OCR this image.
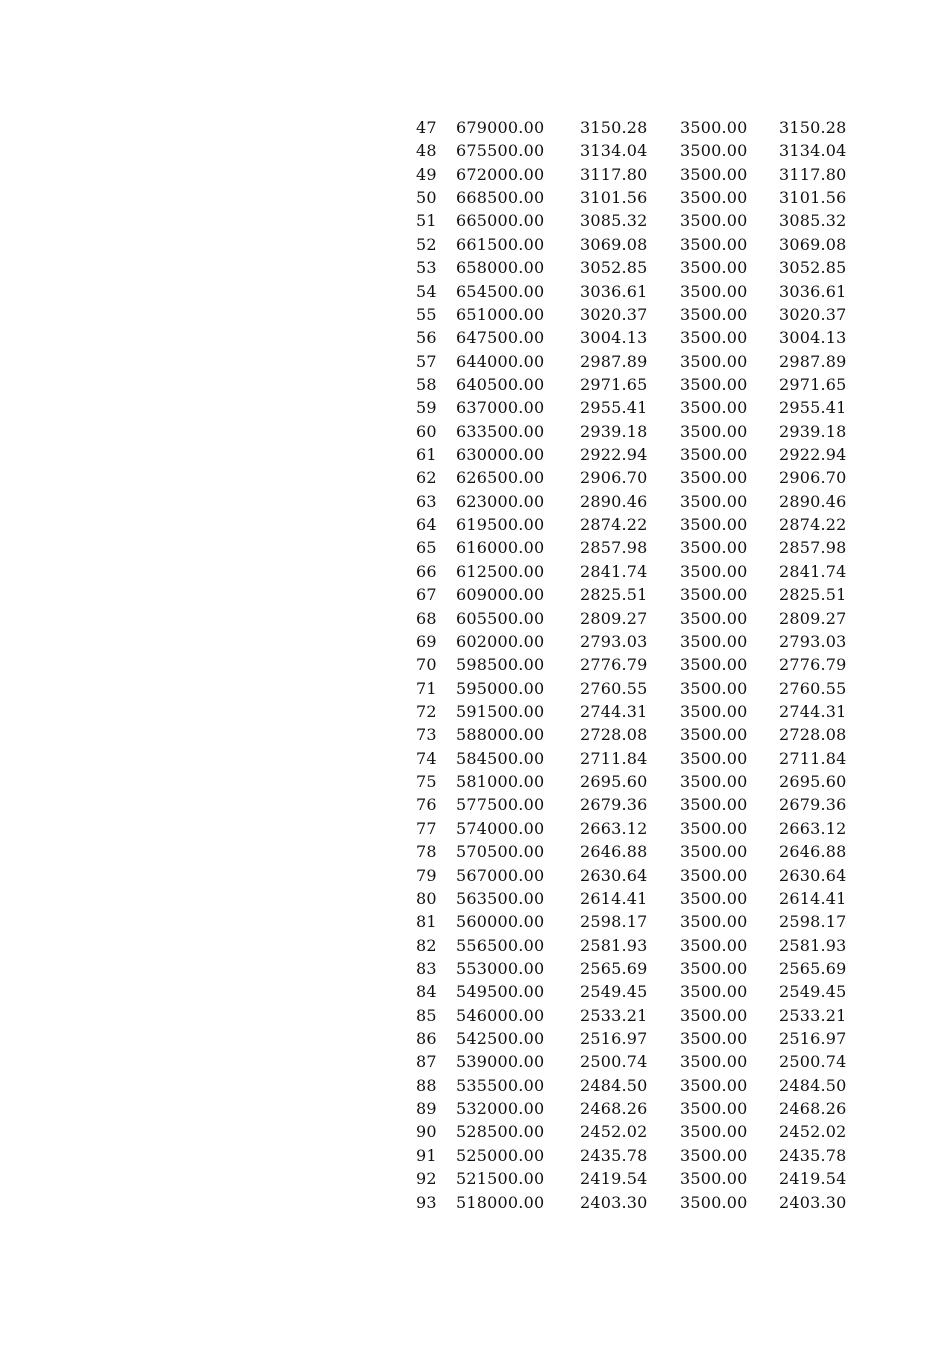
47 679000.00 3150.28 3500.00 3150.28
48 675500.00 3134.04 3500.00 3134.04
49 672000.00 3117.80 3500.00 3117.80
50 668500.00 3101.56 3500.00 3101.56
51 665000.00 3085.32 3500.00 3085.32
52 661500.00 3069.08 3500.00 3069.08
53 658000.00 3052.85 3500.00 3052.85
54 654500.00 3036.61 3500.00 3036.61
55 651000.00 3020.37 3500.00 3020.37
56 647500.00 3004.13 3500.00 3004.13
57 644000.00 2987.89 3500.00 2987.89
58 640500.00 2971.65 3500.00 2971.65
59 637000.00 2955.41 3500.00 2955.41
60 633500.00 2939.18 3500.00 2939.18
61 630000.00 2922.94 3500.00 2922.94
62 626500.00 2906.70 3500.00 2906.70
63 623000.00 2890.46 3500.00 2890.46
64 619500.00 2874.22 3500.00 2874.22
65 616000.00 2857.98 3500.00 2857.98
66 612500.00 2841.74 3500.00 2841.74
67 609000.00 2825.51 3500.00 2825.51
68 605500.00 2809.27 3500.00 2809.27
69 602000.00 2793.03 3500.00 2793.03
70 598500.00 2776.79 3500.00 2776.79
71 595000.00 2760.55 3500.00 2760.55
72 591500.00 2744.31 3500.00 2744.31
73 588000.00 2728.08 3500.00 2728.08
74 584500.00 2711.84 3500.00 2711.84
75 581000.00 2695.60 3500.00 2695.60
76 577500.00 2679.36 3500.00 2679.36
77 574000.00 2663.12 3500.00 2663.12
78 570500.00 2646.88 3500.00 2646.88
79 567000.00 2630.64 3500.00 2630.64
80 563500.00 2614.41 3500.00 2614.41
81 560000.00 2598.17 3500.00 2598.17
82 556500.00 2581.93 3500.00 2581.93
83 553000.00 2565.69 3500.00 2565.69
84 549500.00 2549.45 3500.00 2549.45
85 546000.00 2533.21 3500.00 2533.21
86 542500.00 2516.97 3500.00 2516.97
87 539000.00 2500.74 3500.00 2500.74
88 535500.00 2484.50 3500.00 2484.50
89 532000.00 2468.26 3500.00 2468.26
90 528500.00 2452.02 3500.00 2452.02
91 525000.00 2435.78 3500.00 2435.78
92 521500.00 2419.54 3500.00 2419.54
93 518000.00 2403.30 3500.00 2403.30
